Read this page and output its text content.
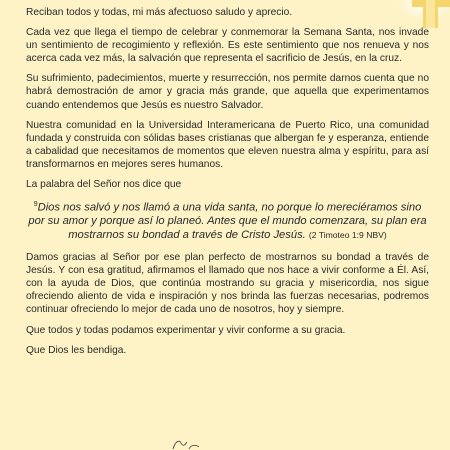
Reciban todos y todas, mi más afectuoso saludo y aprecio.

Cada vez que llega el tiempo de celebrar y conmemorar la Semana Santa, nos invade un sentimiento de recogimiento y reflexión. Es este sentimiento que nos renueva y nos acerca cada vez más, la salvación que representa el sacrificio de Jesús, en la cruz.

Su sufrimiento, padecimientos, muerte y resurrección, nos permite darnos cuenta que no habrá demostración de amor y gracia más grande, que aquella que experimentamos cuando entendemos que Jesús es nuestro Salvador.

Nuestra comunidad en la Universidad Interamericana de Puerto Rico, una comunidad fundada y construida con sólidas bases cristianas que albergan fe y esperanza, entiende a cabalidad que necesitamos de momentos que eleven nuestra alma y espíritu, para así transformarnos en mejores seres humanos.

La palabra del Señor nos dice que

$^9$Dios nos salvó y nos llamó a una vida santa, no porque lo mereciéramos sino por su amor y porque así lo planeó. Antes que el mundo comenzara, su plan era mostrarnos su bondad a través de Cristo Jesús. (2 Timoteo 1:9 NBV)

Damos gracias al Señor por ese plan perfecto de mostrarnos su bondad a través de Jesús. Y con esa gratitud, afirmamos el llamado que nos hace a vivir conforme a Él. Así, con la ayuda de Dios, que continúa mostrando su gracia y misericordia, nos sigue ofreciendo aliento de vida e inspiración y nos brinda las fuerzas necesarias, podremos continuar ofreciendo lo mejor de cada uno de nosotros, hoy y siempre.

Que todos y todas podamos experimentar y vivir conforme a su gracia.

Que Dios les bendiga.
